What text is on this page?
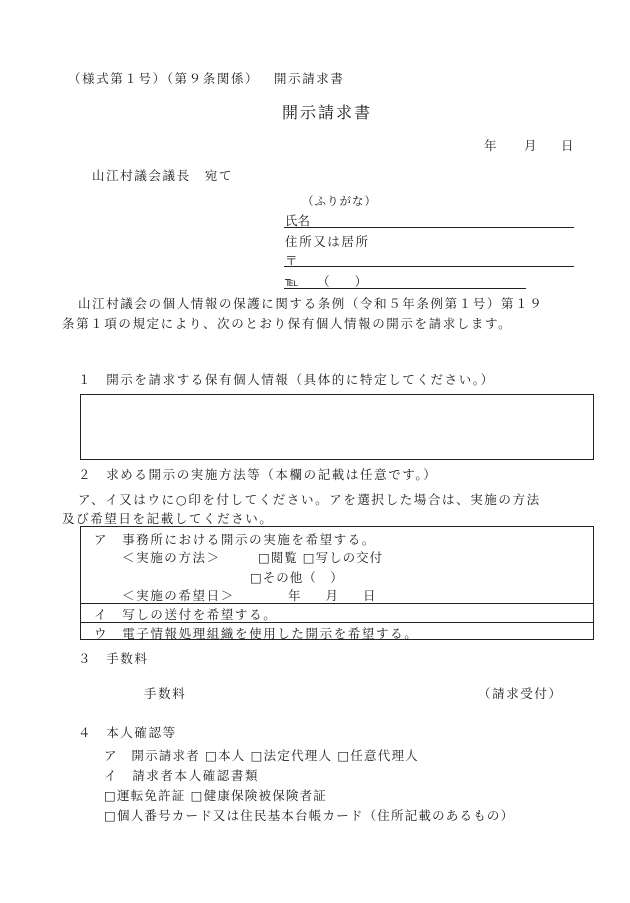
（様式第１号）（第９条関係） 開示請求書
開示請求書
年 月 日
山江村議会議長　宛て
（ふりがな）
氏名
住所又は居所
〒
℡　　（　　）
山江村議会の個人情報の保護に関する条例（令和５年条例第１号）第１９
条第１項の規定により、次のとおり保有個人情報の開示を請求します。
１　開示を請求する保有個人情報（具体的に特定してください。）
２　求める開示の実施方法等（本欄の記載は任意です。）
ア、イ又はウに○印を付してください。アを選択した場合は、実施の方法
及び希望日を記載してください。
ア　事務所における開示の実施を希望する。
＜実施の方法＞	□閲覧 □写しの交付
□その他（　）
＜実施の希望日＞	年　　月　　日
イ　写しの送付を希望する。
ウ　電子情報処理組織を使用した開示を希望する。
３　手数料
手数料	（請求受付）
４　本人確認等
ア　開示請求者 □本人 □法定代理人 □任意代理人
イ　請求者本人確認書類
□運転免許証 □健康保険被保険者証
□個人番号カード又は住民基本台帳カード（住所記載のあるもの）
